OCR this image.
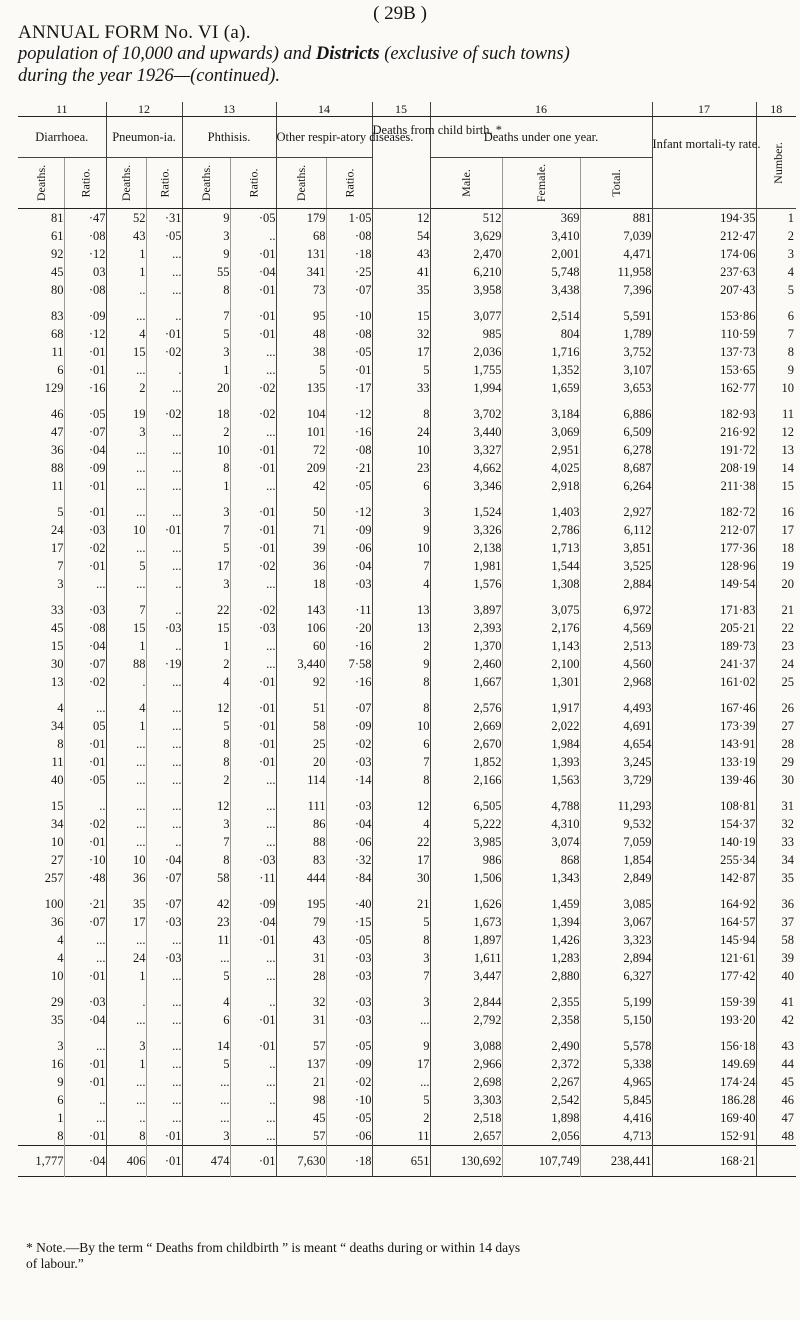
( 29B )
ANNUAL FORM No. VI (a).
population of 10,000 and upwards) and Districts (exclusive of such towns)
during the year 1926—(continued).
11		12		13		14		15	16			17	18
Diarrhoea.		Pneumon-ia.		Phthisis.		Other respir-atory diseases.		Deaths from child birth. *	Deaths under one year.			Infant mortali-ty rate.	Number.
Deaths.	Ratio.	Deaths.	Ratio.	Deaths.	Ratio.	Deaths.	Ratio.		Male.	Female.	Total.		
81	·47	52	·31	9	·05	179	1·05	12	512	369	881	194·35	1
61	·08	43	·05	3	..	68	·08	54	3,629	3,410	7,039	212·47	2
92	·12	1	...	9	·01	131	·18	43	2,470	2,001	4,471	174·06	3
45	03	1	...	55	·04	341	·25	41	6,210	5,748	11,958	237·63	4
80	·08	..	...	8	·01	73	·07	35	3,958	3,438	7,396	207·43	5
83	·09	...	..	7	·01	95	·10	15	3,077	2,514	5,591	153·86	6
68	·12	4	·01	5	·01	48	·08	32	985	804	1,789	110·59	7
11	·01	15	·02	3	...	38	·05	17	2,036	1,716	3,752	137·73	8
6	·01	...	.	1	...	5	·01	5	1,755	1,352	3,107	153·65	9
129	·16	2	...	20	·02	135	·17	33	1,994	1,659	3,653	162·77	10
46	·05	19	·02	18	·02	104	·12	8	3,702	3,184	6,886	182·93	11
47	·07	3	...	2	...	101	·16	24	3,440	3,069	6,509	216·92	12
36	·04	...	...	10	·01	72	·08	10	3,327	2,951	6,278	191·72	13
88	·09	...	...	8	·01	209	·21	23	4,662	4,025	8,687	208·19	14
11	·01	...	...	1	...	42	·05	6	3,346	2,918	6,264	211·38	15
5	·01	...	...	3	·01	50	·12	3	1,524	1,403	2,927	182·72	16
24	·03	10	·01	7	·01	71	·09	9	3,326	2,786	6,112	212·07	17
17	·02	...	...	5	·01	39	·06	10	2,138	1,713	3,851	177·36	18
7	·01	5	...	17	·02	36	·04	7	1,981	1,544	3,525	128·96	19
3	...	...	..	3	...	18	·03	4	1,576	1,308	2,884	149·54	20
33	·03	7	..	22	·02	143	·11	13	3,897	3,075	6,972	171·83	21
45	·08	15	·03	15	·03	106	·20	13	2,393	2,176	4,569	205·21	22
15	·04	1	..	1	...	60	·16	2	1,370	1,143	2,513	189·73	23
30	·07	88	·19	2	...	3,440	7·58	9	2,460	2,100	4,560	241·37	24
13	·02	.	...	4	·01	92	·16	8	1,667	1,301	2,968	161·02	25
4	...	4	...	12	·01	51	·07	8	2,576	1,917	4,493	167·46	26
34	05	1	...	5	·01	58	·09	10	2,669	2,022	4,691	173·39	27
8	·01	...	...	8	·01	25	·02	6	2,670	1,984	4,654	143·91	28
11	·01	...	...	8	·01	20	·03	7	1,852	1,393	3,245	133·19	29
40	·05	...	...	2	...	114	·14	8	2,166	1,563	3,729	139·46	30
15	..	...	...	12	...	111	·03	12	6,505	4,788	11,293	108·81	31
34	·02	...	...	3	...	86	·04	4	5,222	4,310	9,532	154·37	32
10	·01	...	..	7	...	88	·06	22	3,985	3,074	7,059	140·19	33
27	·10	10	·04	8	·03	83	·32	17	986	868	1,854	255·34	34
257	·48	36	·07	58	·11	444	·84	30	1,506	1,343	2,849	142·87	35
100	·21	35	·07	42	·09	195	·40	21	1,626	1,459	3,085	164·92	36
36	·07	17	·03	23	·04	79	·15	5	1,673	1,394	3,067	164·57	37
4	...	...	...	11	·01	43	·05	8	1,897	1,426	3,323	145·94	58
4	...	24	·03	...	...	31	·03	3	1,611	1,283	2,894	121·61	39
10	·01	1	...	5	...	28	·03	7	3,447	2,880	6,327	177·42	40
29	·03	.	...	4	..	32	·03	3	2,844	2,355	5,199	159·39	41
35	·04	...	...	6	·01	31	·03	...	2,792	2,358	5,150	193·20	42
3	...	3	...	14	·01	57	·05	9	3,088	2,490	5,578	156·18	43
16	·01	1	...	5	..	137	·09	17	2,966	2,372	5,338	149.69	44
9	·01	...	...	...	...	21	·02	...	2,698	2,267	4,965	174·24	45
6	..	...	...	...	..	98	·10	5	3,303	2,542	5,845	186.28	46
1	...	..	...	...	...	45	·05	2	2,518	1,898	4,416	169·40	47
8	·01	8	·01	3	...	57	·06	11	2,657	2,056	4,713	152·91	48
1,777	·04	406	·01	474	·01	7,630	·18	651	130,692	107,749	238,441	168·21	

* Note.—By the term “ Deaths from childbirth ” is meant “ deaths during or within 14 days
of labour.”
